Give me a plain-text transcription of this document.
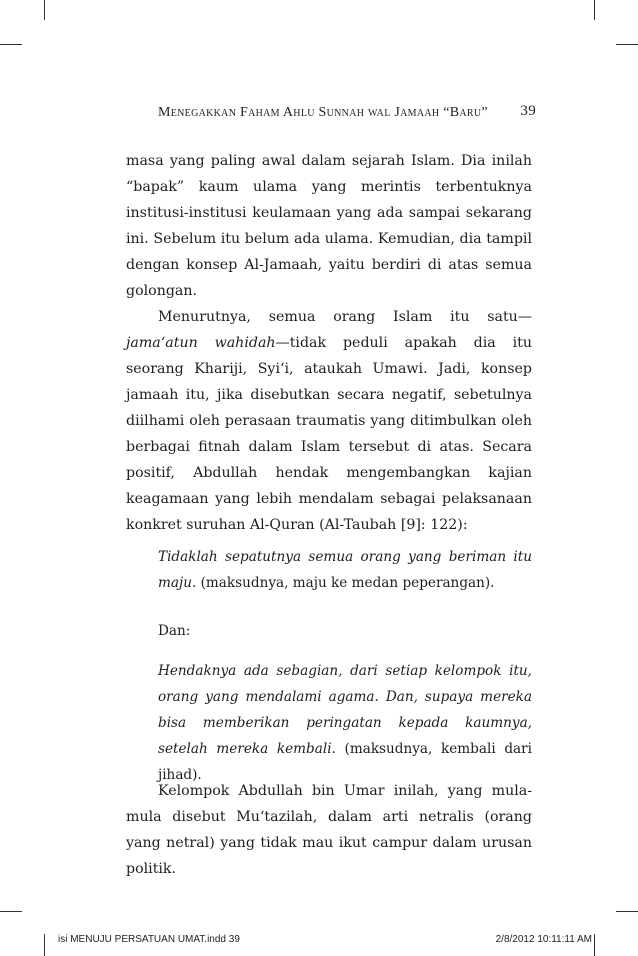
Menegakkan Faham Ahlu Sunnah wal Jamaah “Baru” 39

masa yang paling awal dalam sejarah Islam. Dia inilah “bapak” kaum ulama yang merintis terbentuknya institusi-institusi keulamaan yang ada sampai sekarang ini. Sebelum itu belum ada ulama. Kemudian, dia tampil dengan konsep Al-Jamaah, yaitu berdiri di atas semua golongan.

Menurutnya, semua orang Islam itu satu—jama‘atun wahidah—tidak peduli apakah dia itu seorang Khariji, Syi‘i, ataukah Umawi. Jadi, konsep jamaah itu, jika disebutkan secara negatif, sebetulnya diilhami oleh perasaan traumatis yang ditimbulkan oleh berbagai fitnah dalam Islam tersebut di atas. Secara positif, Abdullah hendak mengembangkan kajian keagamaan yang lebih mendalam sebagai pelaksanaan konkret suruhan Al-Quran (Al-Taubah [9]: 122):

Tidaklah sepatutnya semua orang yang beriman itu maju. (maksudnya, maju ke medan peperangan).
Dan:
Hendaknya ada sebagian, dari setiap kelompok itu, orang yang mendalami agama. Dan, supaya mereka bisa memberikan peringatan kepada kaumnya, setelah mereka kembali. (maksudnya, kembali dari jihad).

Kelompok Abdullah bin Umar inilah, yang mula-mula disebut Mu‘tazilah, dalam arti netralis (orang yang netral) yang tidak mau ikut campur dalam urusan politik.

isi MENUJU PERSATUAN UMAT.indd 39	2/8/2012 10:11:11 AM
